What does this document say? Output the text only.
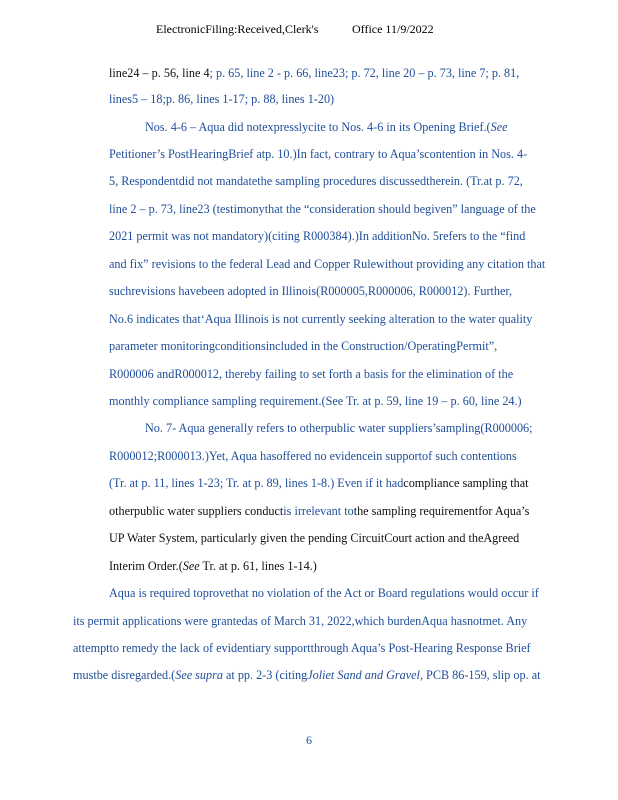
ElectronicFiling:Received,Clerk's	Office 11/9/2022
line24 – p. 56, line 4; p. 65, line 2 - p. 66, line23; p. 72, line 20 – p. 73, line 7; p. 81,
lines5 – 18;p. 86, lines 1-17; p. 88, lines 1-20)
Nos. 4-6 – Aqua did notexpresslycite to Nos. 4-6 in its Opening Brief.(See
Petitioner’s PostHearingBrief atp. 10.)In fact, contrary to Aqua’scontention in Nos. 4-
5, Respondentdid not mandatethe sampling procedures discussedtherein. (Tr.at p. 72,
line 2 – p. 73, line23 (testimonythat the “consideration should begiven” language of the
2021 permit was not mandatory)(citing R000384).)In additionNo. 5refers to the “find
and fix” revisions to the federal Lead and Copper Rulewithout providing any citation that
suchrevisions havebeen adopted in Illinois(R000005,R000006, R000012). Further,
No.6 indicates that‘Aqua Illinois is not currently seeking alteration to the water quality
parameter monitoringconditionsincluded in the Construction/OperatingPermit”,
R000006 andR000012, thereby failing to set forth a basis for the elimination of the
monthly compliance sampling requirement.(See Tr. at p. 59, line 19 – p. 60, line 24.)
No. 7- Aqua generally refers to otherpublic water suppliers’sampling(R000006;
R000012;R000013.)Yet, Aqua hasoffered no evidencein supportof such contentions
(Tr. at p. 11, lines 1-23; Tr. at p. 89, lines 1-8.) Even if it hadcompliance sampling that
otherpublic water suppliers conductis irrelevant tothe sampling requirementfor Aqua’s
UP Water System, particularly given the pending CircuitCourt action and theAgreed
Interim Order.(See Tr. at p. 61, lines 1-14.)
Aqua is required toprovethat no violation of the Act or Board regulations would occur if
its permit applications were grantedas of March 31, 2022,which burdenAqua hasnotmet. Any
attemptto remedy the lack of evidentiary supportthrough Aqua’s Post-Hearing Response Brief
mustbe disregarded.(See supra at pp. 2-3 (citingJoliet Sand and Gravel, PCB 86-159, slip op. at
6
